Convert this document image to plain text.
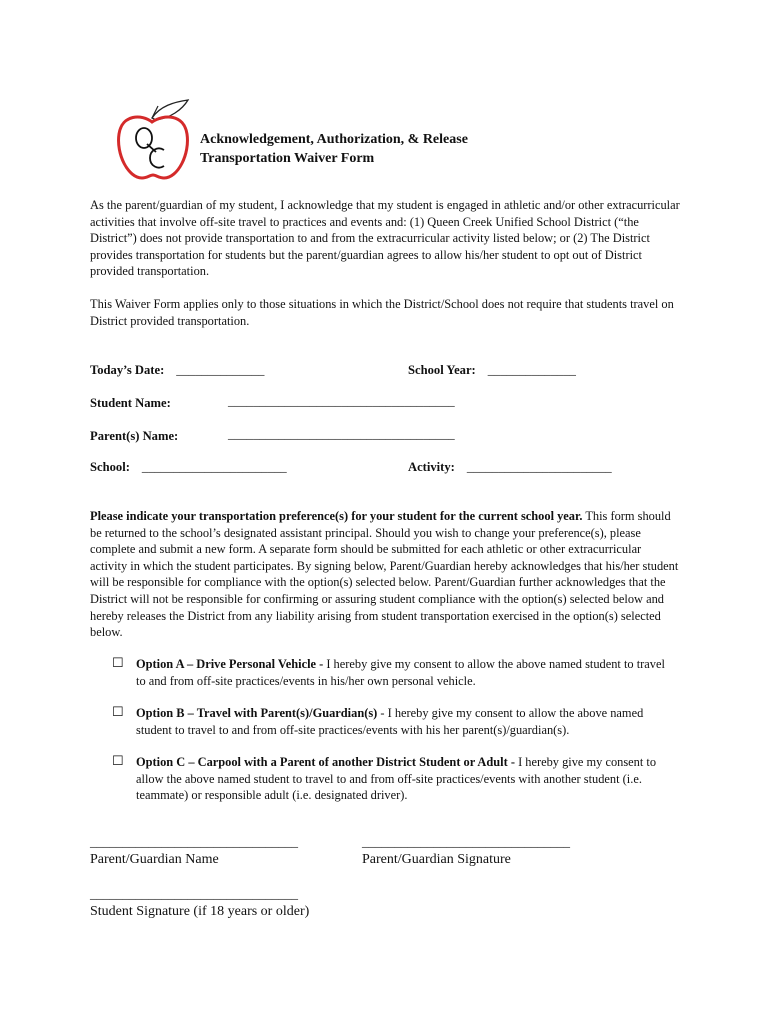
Acknowledgement, Authorization, & Release
Transportation Waiver Form

As the parent/guardian of my student, I acknowledge that my student is engaged in athletic and/or other extracurricular activities that involve off-site travel to practices and events and: (1) Queen Creek Unified School District (“the District”) does not provide transportation to and from the extracurricular activity listed below; or (2) The District provides transportation for students but the parent/guardian agrees to allow his/her student to opt out of District provided transportation.

This Waiver Form applies only to those situations in which the District/School does not require that students travel on District provided transportation.

Today’s Date: ______________	School Year: ______________
Student Name:	____________________________________
Parent(s) Name:	____________________________________
School: _______________________	Activity: _______________________
Please indicate your transportation preference(s) for your student for the current school year. This form should be returned to the school’s designated assistant principal. Should you wish to change your preference(s), please complete and submit a new form. A separate form should be submitted for each athletic or other extracurricular activity in which the student participates. By signing below, Parent/Guardian hereby acknowledges that his/her student will be responsible for compliance with the option(s) selected below. Parent/Guardian further acknowledges that the District will not be responsible for confirming or assuring student compliance with the option(s) selected below and hereby releases the District from any liability arising from student transportation exercised in the option(s) selected below.
☐ Option A – Drive Personal Vehicle - I hereby give my consent to allow the above named student to travel to and from off-site practices/events in his/her own personal vehicle.
☐ Option B – Travel with Parent(s)/Guardian(s) - I hereby give my consent to allow the above named student to travel to and from off-site practices/events with his her parent(s)/guardian(s).
☐ Option C – Carpool with a Parent of another District Student or Adult - I hereby give my consent to allow the above named student to travel to and from off-site practices/events with another student (i.e. teammate) or responsible adult (i.e. designated driver).
________________________________
Parent/Guardian Name
________________________________
Parent/Guardian Signature
________________________________
Student Signature (if 18 years or older)
